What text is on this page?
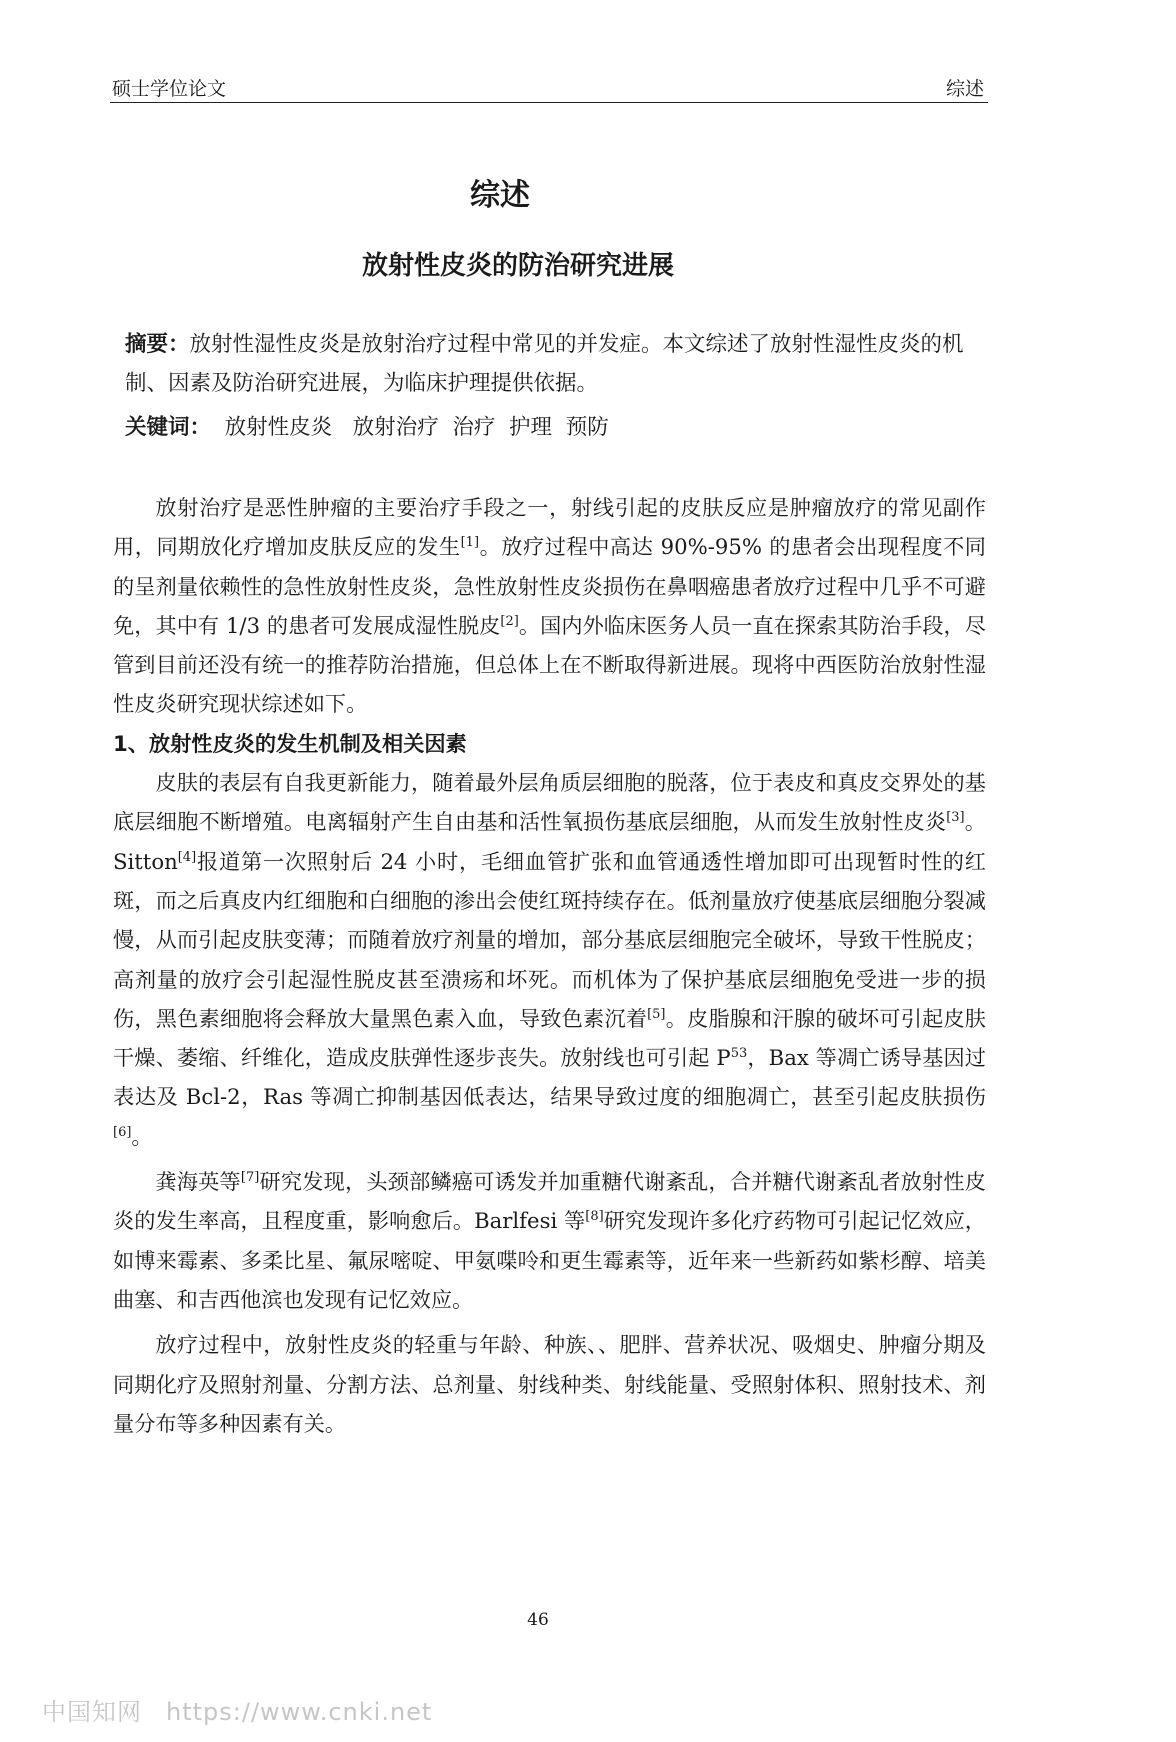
硕士学位论文	综述
综述
放射性皮炎的防治研究进展
摘要：放射性湿性皮炎是放射治疗过程中常见的并发症。本文综述了放射性湿性皮炎的机制、因素及防治研究进展，为临床护理提供依据。
关键词：  放射性皮炎   放射治疗  治疗  护理  预防

放射治疗是恶性肿瘤的主要治疗手段之一，射线引起的皮肤反应是肿瘤放疗的常见副作用，同期放化疗增加皮肤反应的发生[1]。放疗过程中高达 90%-95% 的患者会出现程度不同的呈剂量依赖性的急性放射性皮炎，急性放射性皮炎损伤在鼻咽癌患者放疗过程中几乎不可避免，其中有 1/3 的患者可发展成湿性脱皮[2]。国内外临床医务人员一直在探索其防治手段，尽管到目前还没有统一的推荐防治措施，但总体上在不断取得新进展。现将中西医防治放射性湿性皮炎研究现状综述如下。

1、放射性皮炎的发生机制及相关因素

皮肤的表层有自我更新能力，随着最外层角质层细胞的脱落，位于表皮和真皮交界处的基底层细胞不断增殖。电离辐射产生自由基和活性氧损伤基底层细胞，从而发生放射性皮炎[3]。Sitton[4]报道第一次照射后 24 小时，毛细血管扩张和血管通透性增加即可出现暂时性的红斑，而之后真皮内红细胞和白细胞的渗出会使红斑持续存在。低剂量放疗使基底层细胞分裂减慢，从而引起皮肤变薄；而随着放疗剂量的增加，部分基底层细胞完全破坏，导致干性脱皮；高剂量的放疗会引起湿性脱皮甚至溃疡和坏死。而机体为了保护基底层细胞免受进一步的损伤，黑色素细胞将会释放大量黑色素入血，导致色素沉着[5]。皮脂腺和汗腺的破坏可引起皮肤干燥、萎缩、纤维化，造成皮肤弹性逐步丧失。放射线也可引起 $P^{53}$，Bax 等凋亡诱导基因过表达及 Bcl-2，Ras 等凋亡抑制基因低表达，结果导致过度的细胞凋亡，甚至引起皮肤损伤[6]。

龚海英等[7]研究发现，头颈部鳞癌可诱发并加重糖代谢紊乱，合并糖代谢紊乱者放射性皮炎的发生率高，且程度重，影响愈后。Barlfesi 等[8]研究发现许多化疗药物可引起记忆效应，如博来霉素、多柔比星、氟尿嘧啶、甲氨喋呤和更生霉素等，近年来一些新药如紫杉醇、培美曲塞、和吉西他滨也发现有记忆效应。

放疗过程中，放射性皮炎的轻重与年龄、种族、、肥胖、营养状况、吸烟史、肿瘤分期及同期化疗及照射剂量、分割方法、总剂量、射线种类、射线能量、受照射体积、照射技术、剂量分布等多种因素有关。

46
中国知网 https://www.cnki.net
